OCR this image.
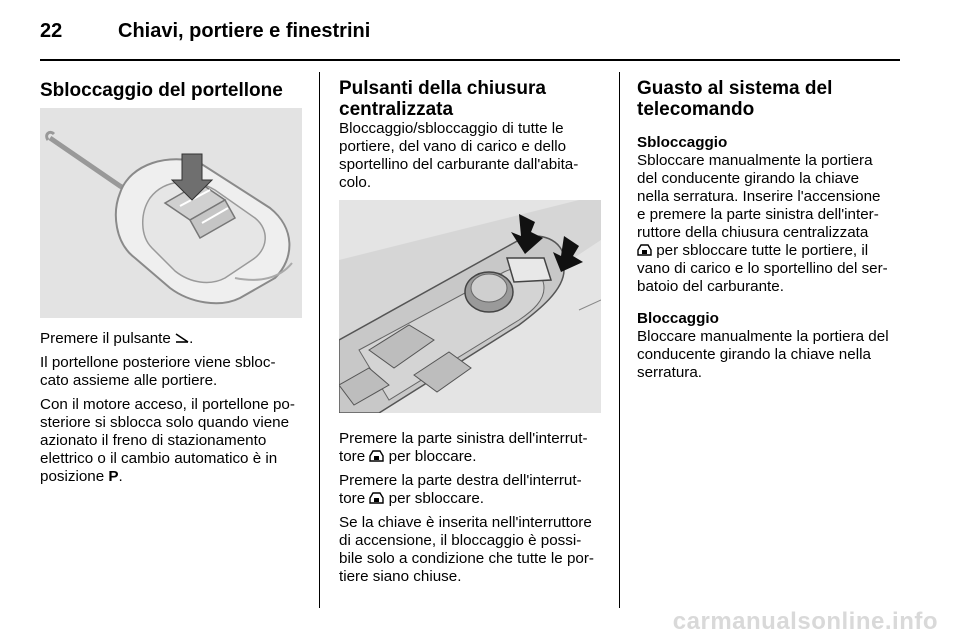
22	Chiavi, portiere e finestrini
Sbloccaggio del portellone

Premere il pulsante .

Il portellone posteriore viene sbloc-
cato assieme alle portiere.

Con il motore acceso, il portellone po-
steriore si sblocca solo quando viene
azionato il freno di stazionamento
elettrico o il cambio automatico è in
posizione P.

Pulsanti della chiusura
centralizzata

Bloccaggio/sbloccaggio di tutte le
portiere, del vano di carico e dello
sportellino del carburante dall'abita-
colo.

Premere la parte sinistra dell'interrut-
tore per bloccare.

Premere la parte destra dell'interrut-
tore per sbloccare.

Se la chiave è inserita nell'interruttore
di accensione, il bloccaggio è possi-
bile solo a condizione che tutte le por-
tiere siano chiuse.

Guasto al sistema del
telecomando
Sbloccaggio

Sbloccare manualmente la portiera
del conducente girando la chiave
nella serratura. Inserire l'accensione
e premere la parte sinistra dell'inter-
ruttore della chiusura centralizzata
per sbloccare tutte le portiere, il
vano di carico e lo sportellino del ser-
batoio del carburante.

Bloccaggio

Bloccare manualmente la portiera del
conducente girando la chiave nella
serratura.

carmanualsonline.info
